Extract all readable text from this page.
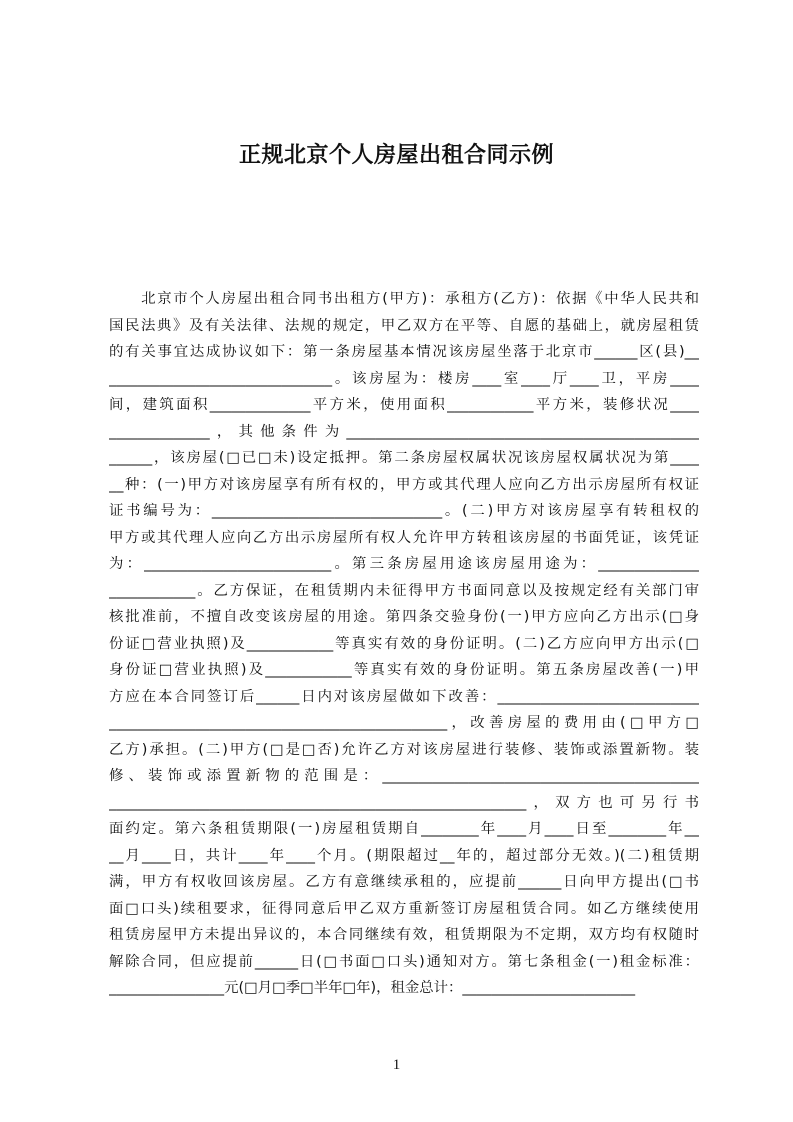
正规北京个人房屋出租合同示例
　　北京市个人房屋出租合同书出租方(甲方)：承租方(乙方)：依据《中华人民共和
国民法典》及有关法律、法规的规定，甲乙双方在平等、自愿的基础上，就房屋租赁
的有关事宜达成协议如下：第一条房屋基本情况该房屋坐落于北京市______区(县)__
_______________________________。该房屋为：楼房____室____厅____卫，平房____
间，建筑面积______________平方米，使用面积____________平方米，装修状况____
______________，其他条件为_________________________________________________
______，该房屋(□已□未)设定抵押。第二条房屋权属状况该房屋权属状况为第____
__种：(一)甲方对该房屋享有所有权的，甲方或其代理人应向乙方出示房屋所有权证
证书编号为：________________________________。(二)甲方对该房屋享有转租权的
甲方或其代理人应向乙方出示房屋所有权人允许甲方转租该房屋的书面凭证，该凭证
为：__________________________。第三条房屋用途该房屋用途为：______________
____________。乙方保证，在租赁期内未征得甲方书面同意以及按规定经有关部门审
核批准前，不擅自改变该房屋的用途。第四条交验身份(一)甲方应向乙方出示(□身
份证□营业执照)及____________等真实有效的身份证明。(二)乙方应向甲方出示(□
身份证□营业执照)及____________等真实有效的身份证明。第五条房屋改善(一)甲
方应在本合同签订后______日内对该房屋做如下改善：____________________________
_______________________________________________，改善房屋的费用由(□甲方□
乙方)承担。(二)甲方(□是□否)允许乙方对该房屋进行装修、装饰或添置新物。装
修、装饰或添置新物的范围是：____________________________________________
__________________________________________________________，双方也可另行书
面约定。第六条租赁期限(一)房屋租赁期自________年____月____日至________年__
__月____日，共计____年____个月。(期限超过__年的，超过部分无效。)(二)租赁期
满，甲方有权收回该房屋。乙方有意继续承租的，应提前______日向甲方提出(□书
面□口头)续租要求，征得同意后甲乙双方重新签订房屋租赁合同。如乙方继续使用
租赁房屋甲方未提出异议的，本合同继续有效，租赁期限为不定期，双方均有权随时
解除合同，但应提前______日(□书面□口头)通知对方。第七条租金(一)租金标准：
________________元(□月□季□半年□年)，租金总计：________________________
1
